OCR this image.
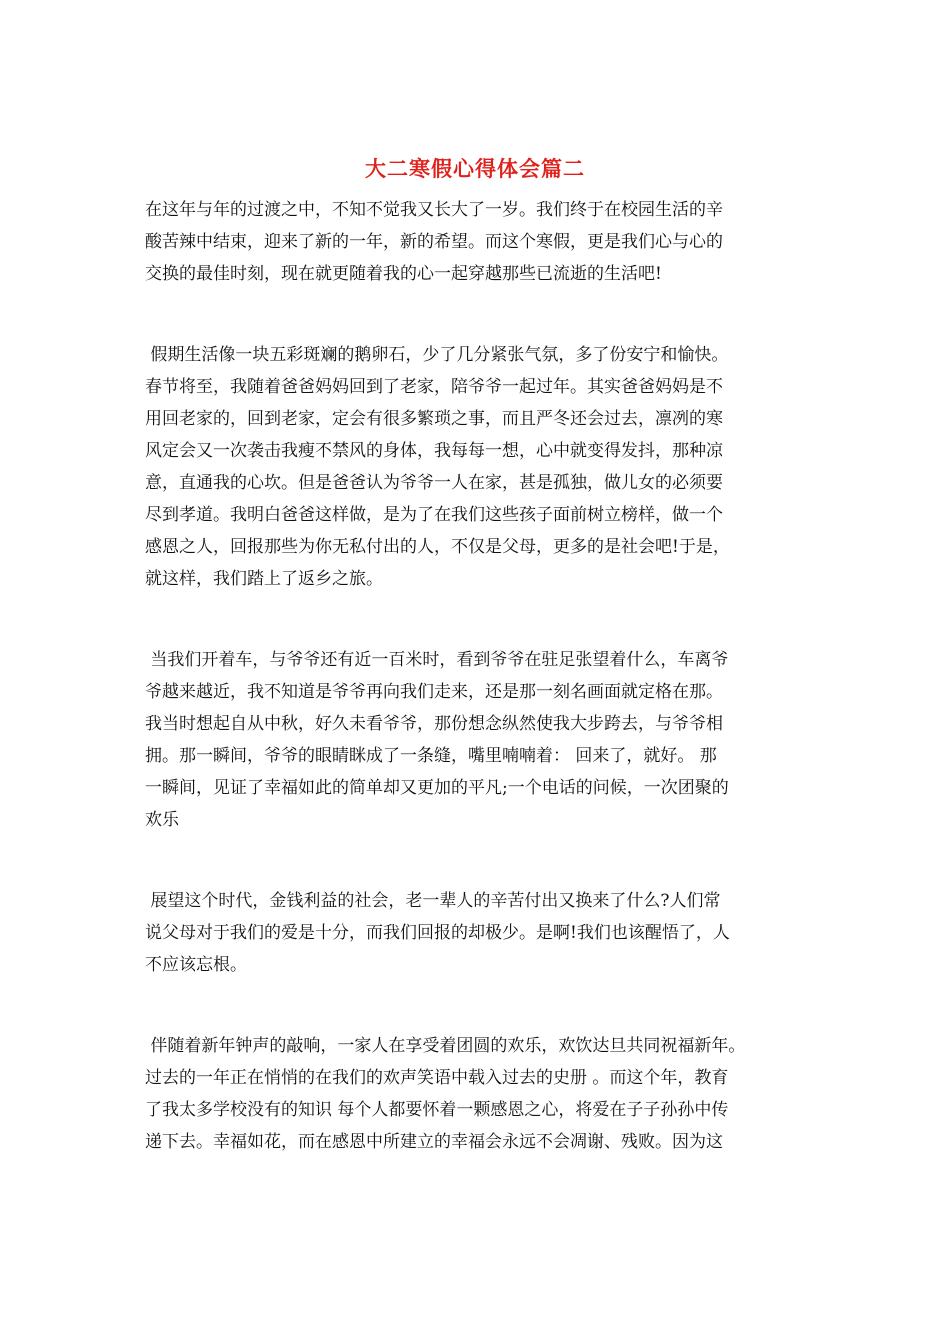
大二寒假心得体会篇二
在这年与年的过渡之中，不知不觉我又长大了一岁。我们终于在校园生活的辛
酸苦辣中结束，迎来了新的一年，新的希望。而这个寒假，更是我们心与心的
交换的最佳时刻，现在就更随着我的心一起穿越那些已流逝的生活吧!
假期生活像一块五彩斑斓的鹅卵石，少了几分紧张气氛，多了份安宁和愉快。
春节将至，我随着爸爸妈妈回到了老家，陪爷爷一起过年。其实爸爸妈妈是不
用回老家的，回到老家，定会有很多繁琐之事，而且严冬还会过去，凛冽的寒
风定会又一次袭击我瘦不禁风的身体，我每每一想，心中就变得发抖，那种凉
意，直通我的心坎。但是爸爸认为爷爷一人在家，甚是孤独，做儿女的必须要
尽到孝道。我明白爸爸这样做，是为了在我们这些孩子面前树立榜样，做一个
感恩之人，回报那些为你无私付出的人，不仅是父母，更多的是社会吧!于是，
就这样，我们踏上了返乡之旅。
当我们开着车，与爷爷还有近一百米时，看到爷爷在驻足张望着什么，车离爷
爷越来越近，我不知道是爷爷再向我们走来，还是那一刻名画面就定格在那。
我当时想起自从中秋，好久未看爷爷，那份想念纵然使我大步跨去，与爷爷相
拥。那一瞬间，爷爷的眼睛眯成了一条缝，嘴里喃喃着： 回来了，就好。 那
一瞬间，见证了幸福如此的简单却又更加的平凡;一个电话的问候，一次团聚的
欢乐
展望这个时代，金钱利益的社会，老一辈人的辛苦付出又换来了什么?人们常
说父母对于我们的爱是十分，而我们回报的却极少。是啊!我们也该醒悟了，人
不应该忘根。
伴随着新年钟声的敲响，一家人在享受着团圆的欢乐，欢饮达旦共同祝福新年。
过去的一年正在悄悄的在我们的欢声笑语中载入过去的史册 。而这个年，教育
了我太多学校没有的知识 每个人都要怀着一颗感恩之心，将爱在子子孙孙中传
递下去。幸福如花，而在感恩中所建立的幸福会永远不会凋谢、残败。因为这
